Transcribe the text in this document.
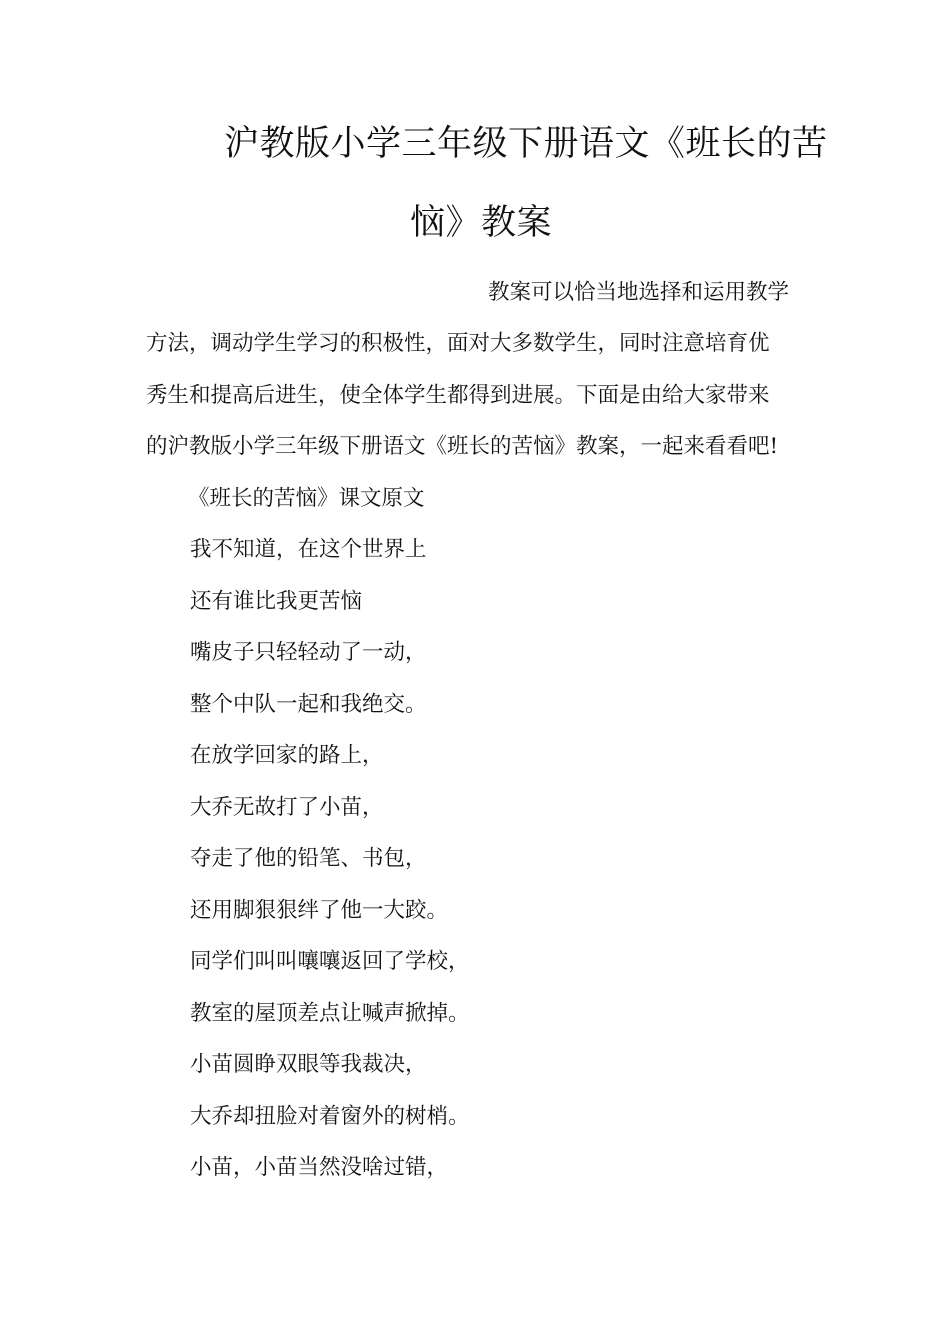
沪教版小学三年级下册语文《班长的苦
恼》教案
教案可以恰当地选择和运用教学
方法，调动学生学习的积极性，面对大多数学生，同时注意培育优
秀生和提高后进生，使全体学生都得到进展。下面是由给大家带来
的沪教版小学三年级下册语文《班长的苦恼》教案，一起来看看吧!
《班长的苦恼》课文原文
我不知道，在这个世界上
还有谁比我更苦恼
嘴皮子只轻轻动了一动，
整个中队一起和我绝交。
在放学回家的路上，
大乔无故打了小苗，
夺走了他的铅笔、书包，
还用脚狠狠绊了他一大跤。
同学们叫叫嚷嚷返回了学校，
教室的屋顶差点让喊声掀掉。
小苗圆睁双眼等我裁决，
大乔却扭脸对着窗外的树梢。
小苗，小苗当然没啥过错，
